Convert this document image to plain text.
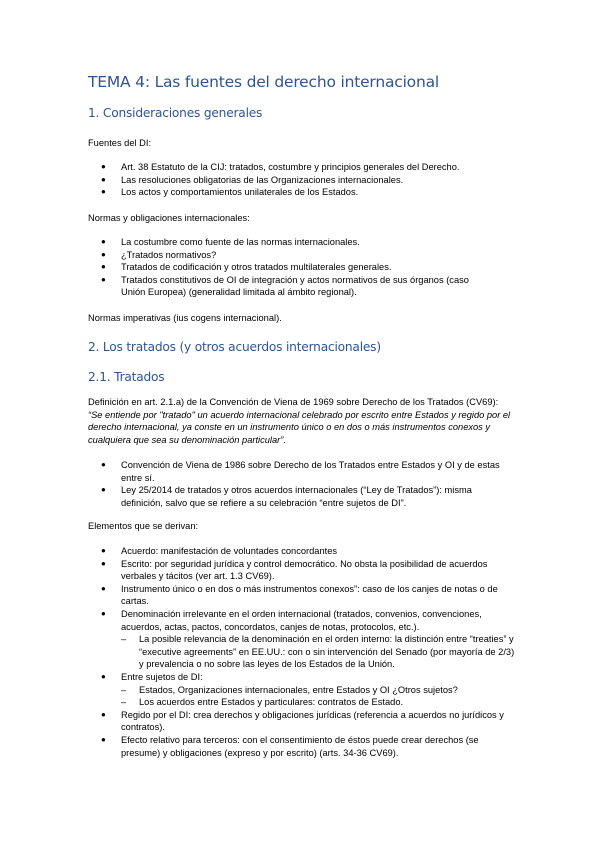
TEMA 4: Las fuentes del derecho internacional
1. Consideraciones generales

Fuentes del DI:

● Art. 38 Estatuto de la CIJ: tratados, costumbre y principios generales del Derecho.
● Las resoluciones obligatorias de las Organizaciones internacionales.
● Los actos y comportamientos unilaterales de los Estados.

Normas y obligaciones internacionales:

● La costumbre como fuente de las normas internacionales.
● ¿Tratados normativos?
● Tratados de codificación y otros tratados multilaterales generales.
● Tratados constitutivos de OI de integración y actos normativos de sus órganos (caso Unión Europea) (generalidad limitada al ámbito regional).

Normas imperativas (ius cogens internacional).

2. Los tratados (y otros acuerdos internacionales)
2.1. Tratados

Definición en art. 2.1.a) de la Convención de Viena de 1969 sobre Derecho de los Tratados (CV69): “Se entiende por "tratado" un acuerdo internacional celebrado por escrito entre Estados y regido por el derecho internacional, ya conste en un instrumento único o en dos o más instrumentos conexos y cualquiera que sea su denominación particular”.

● Convención de Viena de 1986 sobre Derecho de los Tratados entre Estados y OI y de estas entre sí.
● Ley 25/2014 de tratados y otros acuerdos internacionales (“Ley de Tratados”): misma definición, salvo que se refiere a su celebración “entre sujetos de DI”.

Elementos que se derivan:

● Acuerdo: manifestación de voluntades concordantes
● Escrito: por seguridad jurídica y control democrático. No obsta la posibilidad de acuerdos verbales y tácitos (ver art. 1.3 CV69).
● Instrumento único o en dos o más instrumentos conexos”: caso de los canjes de notas o de cartas.
● Denominación irrelevante en el orden internacional (tratados, convenios, convenciones, acuerdos, actas, pactos, concordatos, canjes de notas, protocolos, etc.).
– La posible relevancia de la denominación en el orden interno: la distinción entre “treaties” y “executive agreements” en EE.UU.: con o sin intervención del Senado (por mayoría de 2/3) y prevalencia o no sobre las leyes de los Estados de la Unión.
● Entre sujetos de DI:
– Estados, Organizaciones internacionales, entre Estados y OI ¿Otros sujetos?
– Los acuerdos entre Estados y particulares: contratos de Estado.
● Regido por el DI: crea derechos y obligaciones jurídicas (referencia a acuerdos no jurídicos y contratos).
● Efecto relativo para terceros: con el consentimiento de éstos puede crear derechos (se presume) y obligaciones (expreso y por escrito) (arts. 34-36 CV69).
